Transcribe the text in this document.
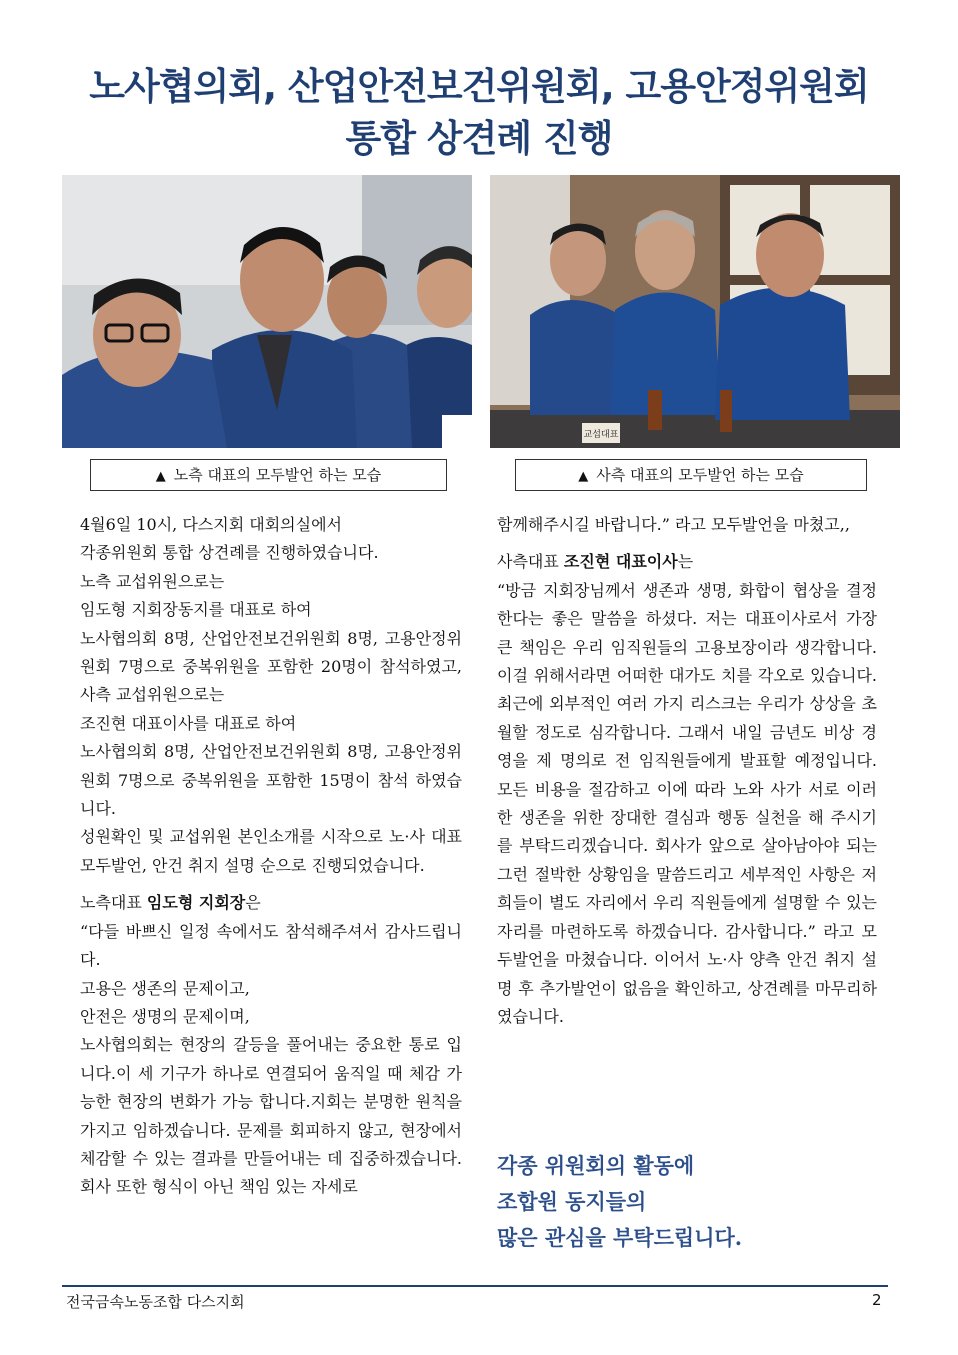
노사협의회, 산업안전보건위원회, 고용안정위원회
통합 상견례 진행
교섭대표
▲ 노측 대표의 모두발언 하는 모습	▲ 사측 대표의 모두발언 하는 모습

4월6일 10시, 다스지회 대회의실에서

각종위원회 통합 상견례를 진행하였습니다.

노측 교섭위원으로는

임도형 지회장동지를 대표로 하여

노사협의회 8명, 산업안전보건위원회 8명, 고용안정위원회 7명으로 중복위원을 포함한 20명이 참석하였고, 사측 교섭위원으로는

조진현 대표이사를 대표로 하여

노사협의회 8명, 산업안전보건위원회 8명, 고용안정위원회 7명으로 중복위원을 포함한 15명이 참석 하였습니다.

성원확인 및 교섭위원 본인소개를 시작으로 노·사 대표 모두발언, 안건 취지 설명 순으로 진행되었습니다.

노측대표 임도형 지회장은

“다들 바쁘신 일정 속에서도 참석해주셔서 감사드립니다.

고용은 생존의 문제이고,

안전은 생명의 문제이며,

노사협의회는 현장의 갈등을 풀어내는 중요한 통로 입니다.이 세 기구가 하나로 연결되어 움직일 때 체감 가능한 현장의 변화가 가능 합니다.지회는 분명한 원칙을 가지고 임하겠습니다. 문제를 회피하지 않고, 현장에서 체감할 수 있는 결과를 만들어내는 데 집중하겠습니다. 회사 또한 형식이 아닌 책임 있는 자세로

함께해주시길 바랍니다.” 라고 모두발언을 마쳤고,,

사측대표 조진현 대표이사는

“방금 지회장님께서 생존과 생명, 화합이 협상을 결정한다는 좋은 말씀을 하셨다. 저는 대표이사로서 가장 큰 책임은 우리 임직원들의 고용보장이라 생각합니다. 이걸 위해서라면 어떠한 대가도 치를 각오로 있습니다. 최근에 외부적인 여러 가지 리스크는 우리가 상상을 초월할 정도로 심각합니다. 그래서 내일 금년도 비상 경영을 제 명의로 전 임직원들에게 발표할 예정입니다. 모든 비용을 절감하고 이에 따라 노와 사가 서로 이러한 생존을 위한 장대한 결심과 행동 실천을 해 주시기를 부탁드리겠습니다. 회사가 앞으로 살아남아야 되는 그런 절박한 상황임을 말씀드리고 세부적인 사항은 저희들이 별도 자리에서 우리 직원들에게 설명할 수 있는 자리를 마련하도록 하겠습니다. 감사합니다.” 라고 모두발언을 마쳤습니다. 이어서 노·사 양측 안건 취지 설명 후 추가발언이 없음을 확인하고, 상견례를 마무리하였습니다.

각종 위원회의 활동에
조합원 동지들의
많은 관심을 부탁드립니다.
전국금속노동조합 다스지회	2
